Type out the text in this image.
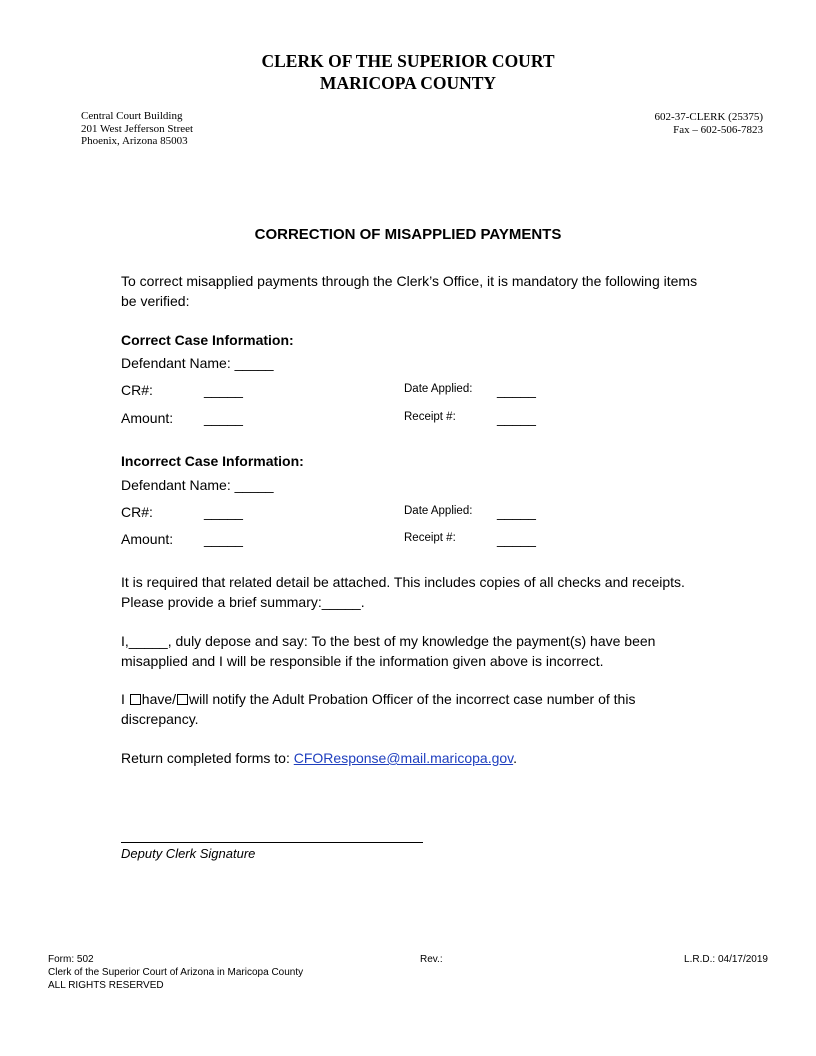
CLERK OF THE SUPERIOR COURT
MARICOPA COUNTY
Central Court Building
201 West Jefferson Street
Phoenix, Arizona 85003
602-37-CLERK (25375)
Fax – 602-506-7823
CORRECTION OF MISAPPLIED PAYMENTS
To correct misapplied payments through the Clerk’s Office, it is mandatory the following items be verified:
Correct Case Information:
Defendant Name: _____
CR#:	_____	Date Applied: _____
Amount: _____	Receipt #:	_____
Incorrect Case Information:
Defendant Name: _____
CR#:	_____	Date Applied: _____
Amount: _____	Receipt #:	_____
It is required that related detail be attached. This includes copies of all checks and receipts. Please provide a brief summary:_____.
I,_____, duly depose and say: To the best of my knowledge the payment(s) have been misapplied and I will be responsible if the information given above is incorrect.
I have/ will notify the Adult Probation Officer of the incorrect case number of this discrepancy.
Return completed forms to: CFOResponse@mail.maricopa.gov.
Deputy Clerk Signature
Form: 502
Clerk of the Superior Court of Arizona in Maricopa County
ALL RIGHTS RESERVED
Rev.:	L.R.D.: 04/17/2019
